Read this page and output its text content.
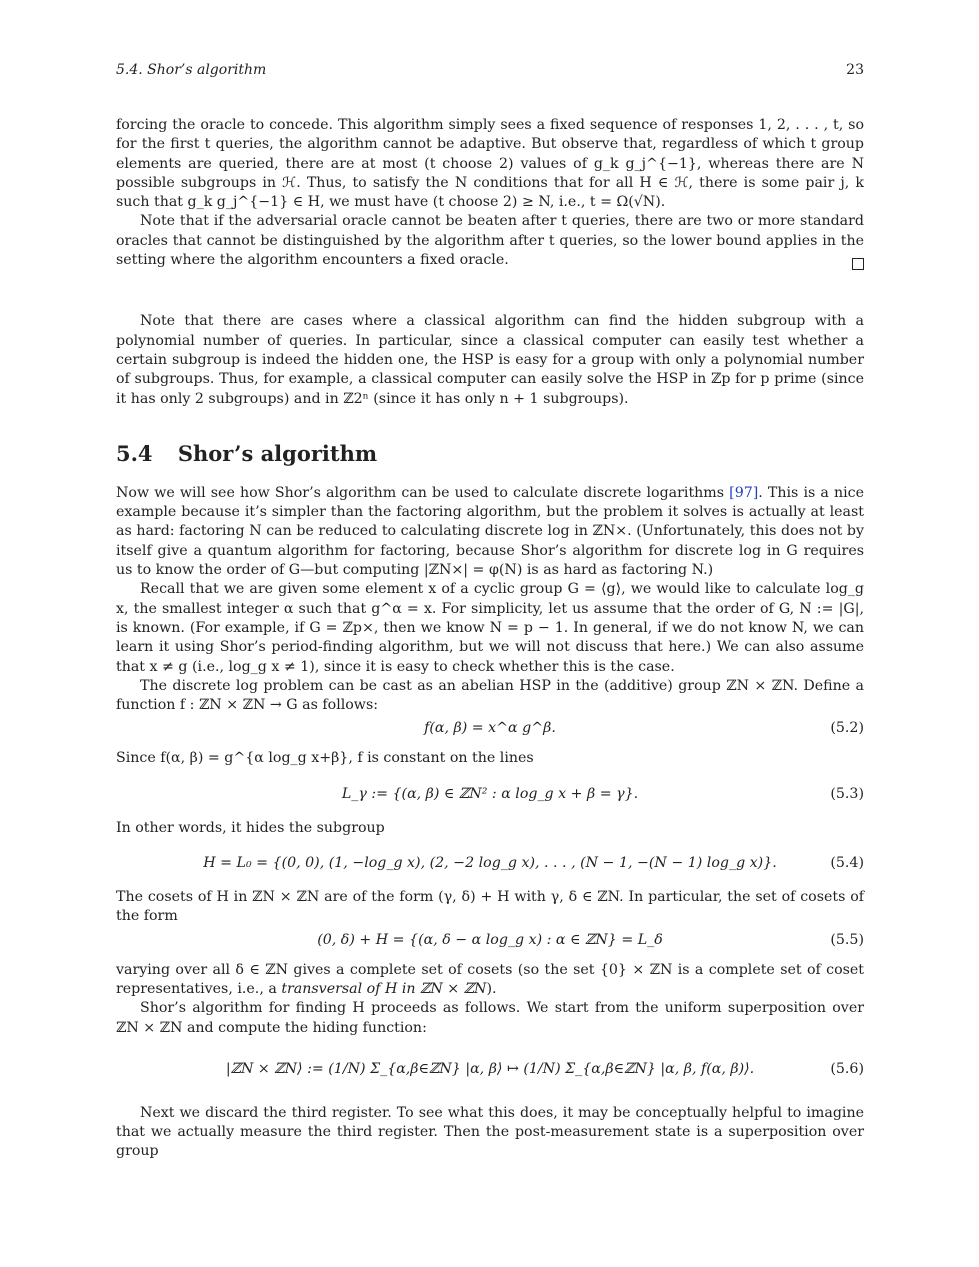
5.4. Shor’s algorithm	23

forcing the oracle to concede. This algorithm simply sees a fixed sequence of responses 1, 2, . . . , t, so for the first t queries, the algorithm cannot be adaptive. But observe that, regardless of which t group elements are queried, there are at most (t choose 2) values of g_k g_j^{−1}, whereas there are N possible subgroups in ℋ. Thus, to satisfy the N conditions that for all H ∈ ℋ, there is some pair j, k such that g_k g_j^{−1} ∈ H, we must have (t choose 2) ≥ N, i.e., t = Ω(√N).

Note that if the adversarial oracle cannot be beaten after t queries, there are two or more standard oracles that cannot be distinguished by the algorithm after t queries, so the lower bound applies in the setting where the algorithm encounters a fixed oracle.

Note that there are cases where a classical algorithm can find the hidden subgroup with a polynomial number of queries. In particular, since a classical computer can easily test whether a certain subgroup is indeed the hidden one, the HSP is easy for a group with only a polynomial number of subgroups. Thus, for example, a classical computer can easily solve the HSP in ℤp for p prime (since it has only 2 subgroups) and in ℤ2ⁿ (since it has only n + 1 subgroups).

5.4 Shor’s algorithm

Now we will see how Shor’s algorithm can be used to calculate discrete logarithms [97]. This is a nice example because it’s simpler than the factoring algorithm, but the problem it solves is actually at least as hard: factoring N can be reduced to calculating discrete log in ℤN×. (Unfortunately, this does not by itself give a quantum algorithm for factoring, because Shor’s algorithm for discrete log in G requires us to know the order of G—but computing |ℤN×| = φ(N) is as hard as factoring N.)

Recall that we are given some element x of a cyclic group G = ⟨g⟩, we would like to calculate log_g x, the smallest integer α such that g^α = x. For simplicity, let us assume that the order of G, N := |G|, is known. (For example, if G = ℤp×, then we know N = p − 1. In general, if we do not know N, we can learn it using Shor’s period-finding algorithm, but we will not discuss that here.) We can also assume that x ≠ g (i.e., log_g x ≠ 1), since it is easy to check whether this is the case.

The discrete log problem can be cast as an abelian HSP in the (additive) group ℤN × ℤN. Define a function f : ℤN × ℤN → G as follows:

f(α, β) = x^α g^β.	(5.2)

Since f(α, β) = g^{α log_g x+β}, f is constant on the lines

L_γ := {(α, β) ∈ ℤN² : α log_g x + β = γ}.	(5.3)

In other words, it hides the subgroup

H = L₀ = {(0, 0), (1, −log_g x), (2, −2 log_g x), . . . , (N − 1, −(N − 1) log_g x)}.	(5.4)

The cosets of H in ℤN × ℤN are of the form (γ, δ) + H with γ, δ ∈ ℤN. In particular, the set of cosets of the form

(0, δ) + H = {(α, δ − α log_g x) : α ∈ ℤN} = L_δ	(5.5)

varying over all δ ∈ ℤN gives a complete set of cosets (so the set {0} × ℤN is a complete set of coset representatives, i.e., a transversal of H in ℤN × ℤN).

Shor’s algorithm for finding H proceeds as follows. We start from the uniform superposition over ℤN × ℤN and compute the hiding function:

|ℤN × ℤN⟩ := (1/N) Σ_{α,β∈ℤN} |α, β⟩ ↦ (1/N) Σ_{α,β∈ℤN} |α, β, f(α, β)⟩.	(5.6)

Next we discard the third register. To see what this does, it may be conceptually helpful to imagine that we actually measure the third register. Then the post-measurement state is a superposition over group
